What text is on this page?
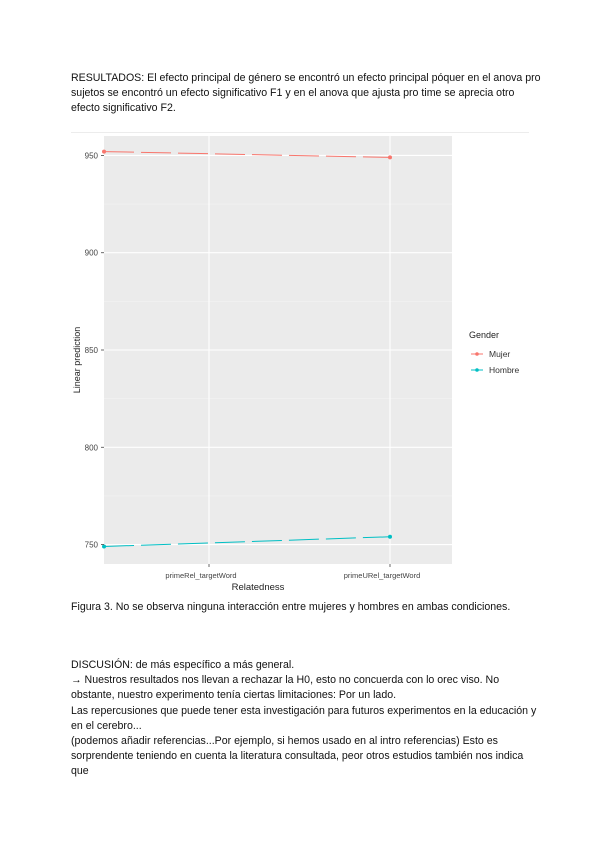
RESULTADOS: El efecto principal de género se encontró un efecto principal póquer en el anova pro sujetos se encontró un efecto significativo F1 y en el anova que ajusta pro time se aprecia otro efecto significativo F2.

750
800
850
900
950
primeRel_targetWord	primeURel_targetWord
Relatedness
Linear prediction	Gender
Mujer
Hombre

Figura 3. No se observa ninguna interacción entre mujeres y hombres en ambas condiciones.

DISCUSIÓN: de más específico a más general.

→ Nuestros resultados nos llevan a rechazar la H0, esto no concuerda con lo orec viso. No obstante, nuestro experimento tenía ciertas limitaciones: Por un lado.

Las repercusiones que puede tener esta investigación para futuros experimentos en la educación y en el cerebro...

(podemos añadir referencias...Por ejemplo, si hemos usado en al intro referencias) Esto es sorprendente teniendo en cuenta la literatura consultada, peor otros estudios también nos indica que
